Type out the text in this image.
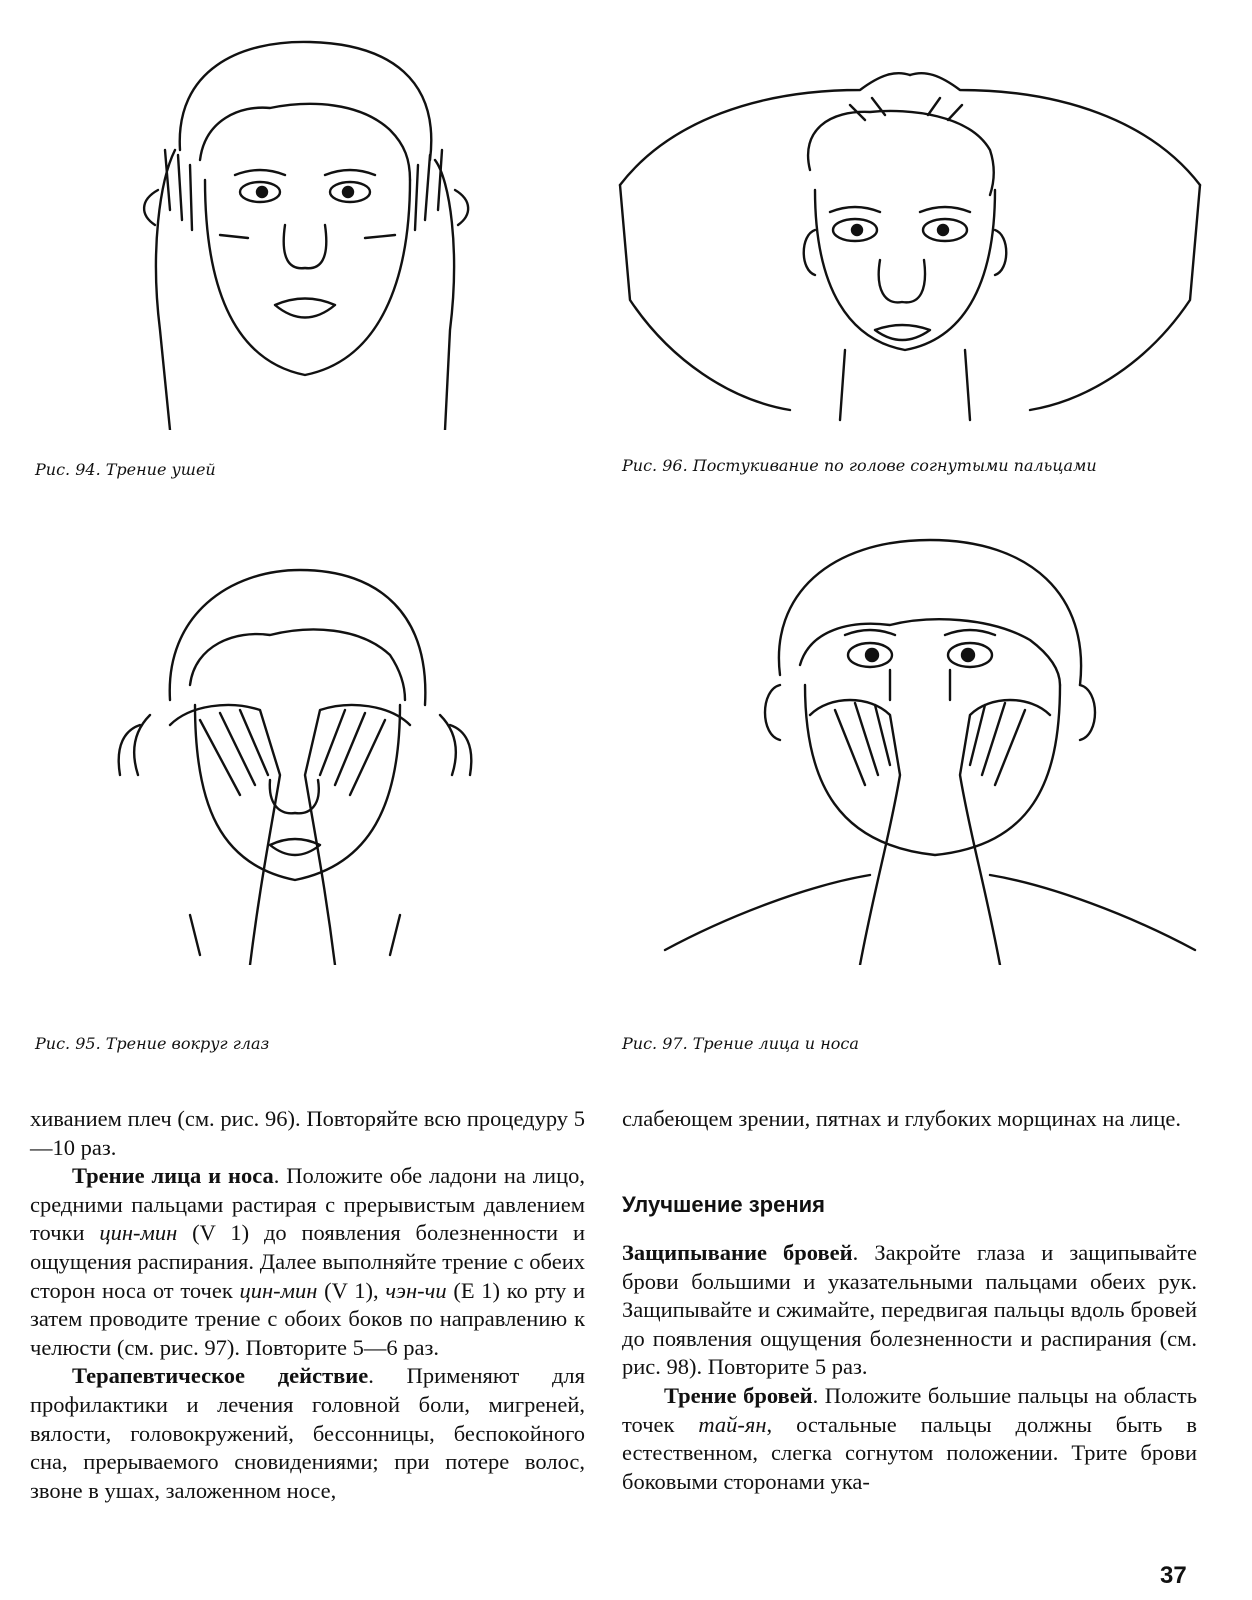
Рис. 94. Трение ушей	Рис. 96. Постукивание по голове согнутыми пальцами
Рис. 95. Трение вокруг глаз	Рис. 97. Трение лица и носа

хиванием плеч (см. рис. 96). Повторяйте всю процедуру 5—10 раз.

Трение лица и носа. Положите обе ладони на лицо, средними пальцами растирая с прерывистым давлением точки цин-мин (V 1) до появления болезненности и ощущения распирания. Далее выполняйте трение с обеих сторон носа от точек цин-мин (V 1), чэн-чи (Е 1) ко рту и затем проводите трение с обоих боков по направлению к челюсти (см. рис. 97). Повторите 5—6 раз.

Терапевтическое действие. Применяют для профилактики и лечения головной боли, мигреней, вялости, головокружений, бессонницы, беспокойного сна, прерываемого сновидениями; при потере волос, звоне в ушах, заложенном носе,

слабеющем зрении, пятнах и глубоких морщинах на лице.

Улучшение зрения

Защипывание бровей. Закройте глаза и защипывайте брови большими и указательными пальцами обеих рук. Защипывайте и сжимайте, передвигая пальцы вдоль бровей до появления ощущения болезненности и распирания (см. рис. 98). Повторите 5 раз.

Трение бровей. Положите большие пальцы на область точек тай-ян, остальные пальцы должны быть в естественном, слегка согнутом положении. Трите брови боковыми сторонами ука-

37
